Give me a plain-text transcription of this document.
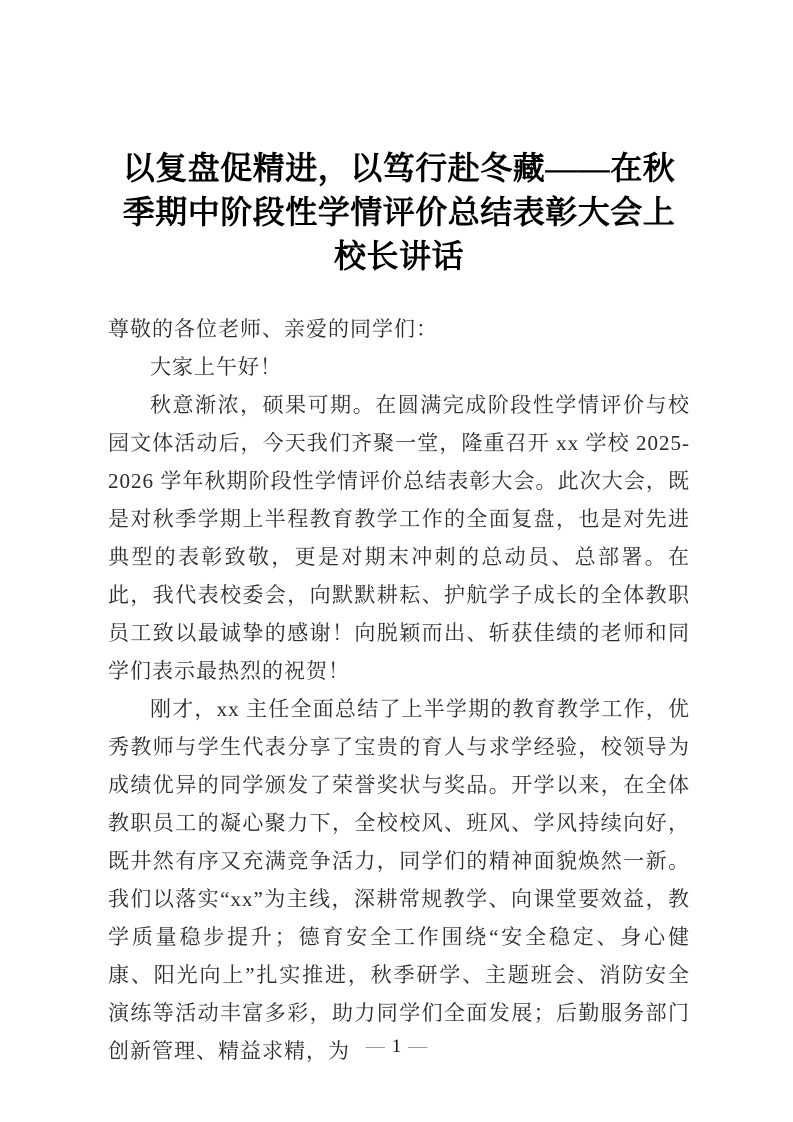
以复盘促精进，以笃行赴冬藏——在秋季期中阶段性学情评价总结表彰大会上校长讲话

尊敬的各位老师、亲爱的同学们：

大家上午好！

秋意渐浓，硕果可期。在圆满完成阶段性学情评价与校园文体活动后，今天我们齐聚一堂，隆重召开 xx 学校 2025-2026 学年秋期阶段性学情评价总结表彰大会。此次大会，既是对秋季学期上半程教育教学工作的全面复盘，也是对先进典型的表彰致敬，更是对期末冲刺的总动员、总部署。在此，我代表校委会，向默默耕耘、护航学子成长的全体教职员工致以最诚挚的感谢！向脱颖而出、斩获佳绩的老师和同学们表示最热烈的祝贺！

刚才，xx 主任全面总结了上半学期的教育教学工作，优秀教师与学生代表分享了宝贵的育人与求学经验，校领导为成绩优异的同学颁发了荣誉奖状与奖品。开学以来，在全体教职员工的凝心聚力下，全校校风、班风、学风持续向好，既井然有序又充满竞争活力，同学们的精神面貌焕然一新。我们以落实“xx”为主线，深耕常规教学、向课堂要效益，教学质量稳步提升；德育安全工作围绕“安全稳定、身心健康、阳光向上”扎实推进，秋季研学、主题班会、消防安全演练等活动丰富多彩，助力同学们全面发展；后勤服务部门创新管理、精益求精，为 — 1 —
